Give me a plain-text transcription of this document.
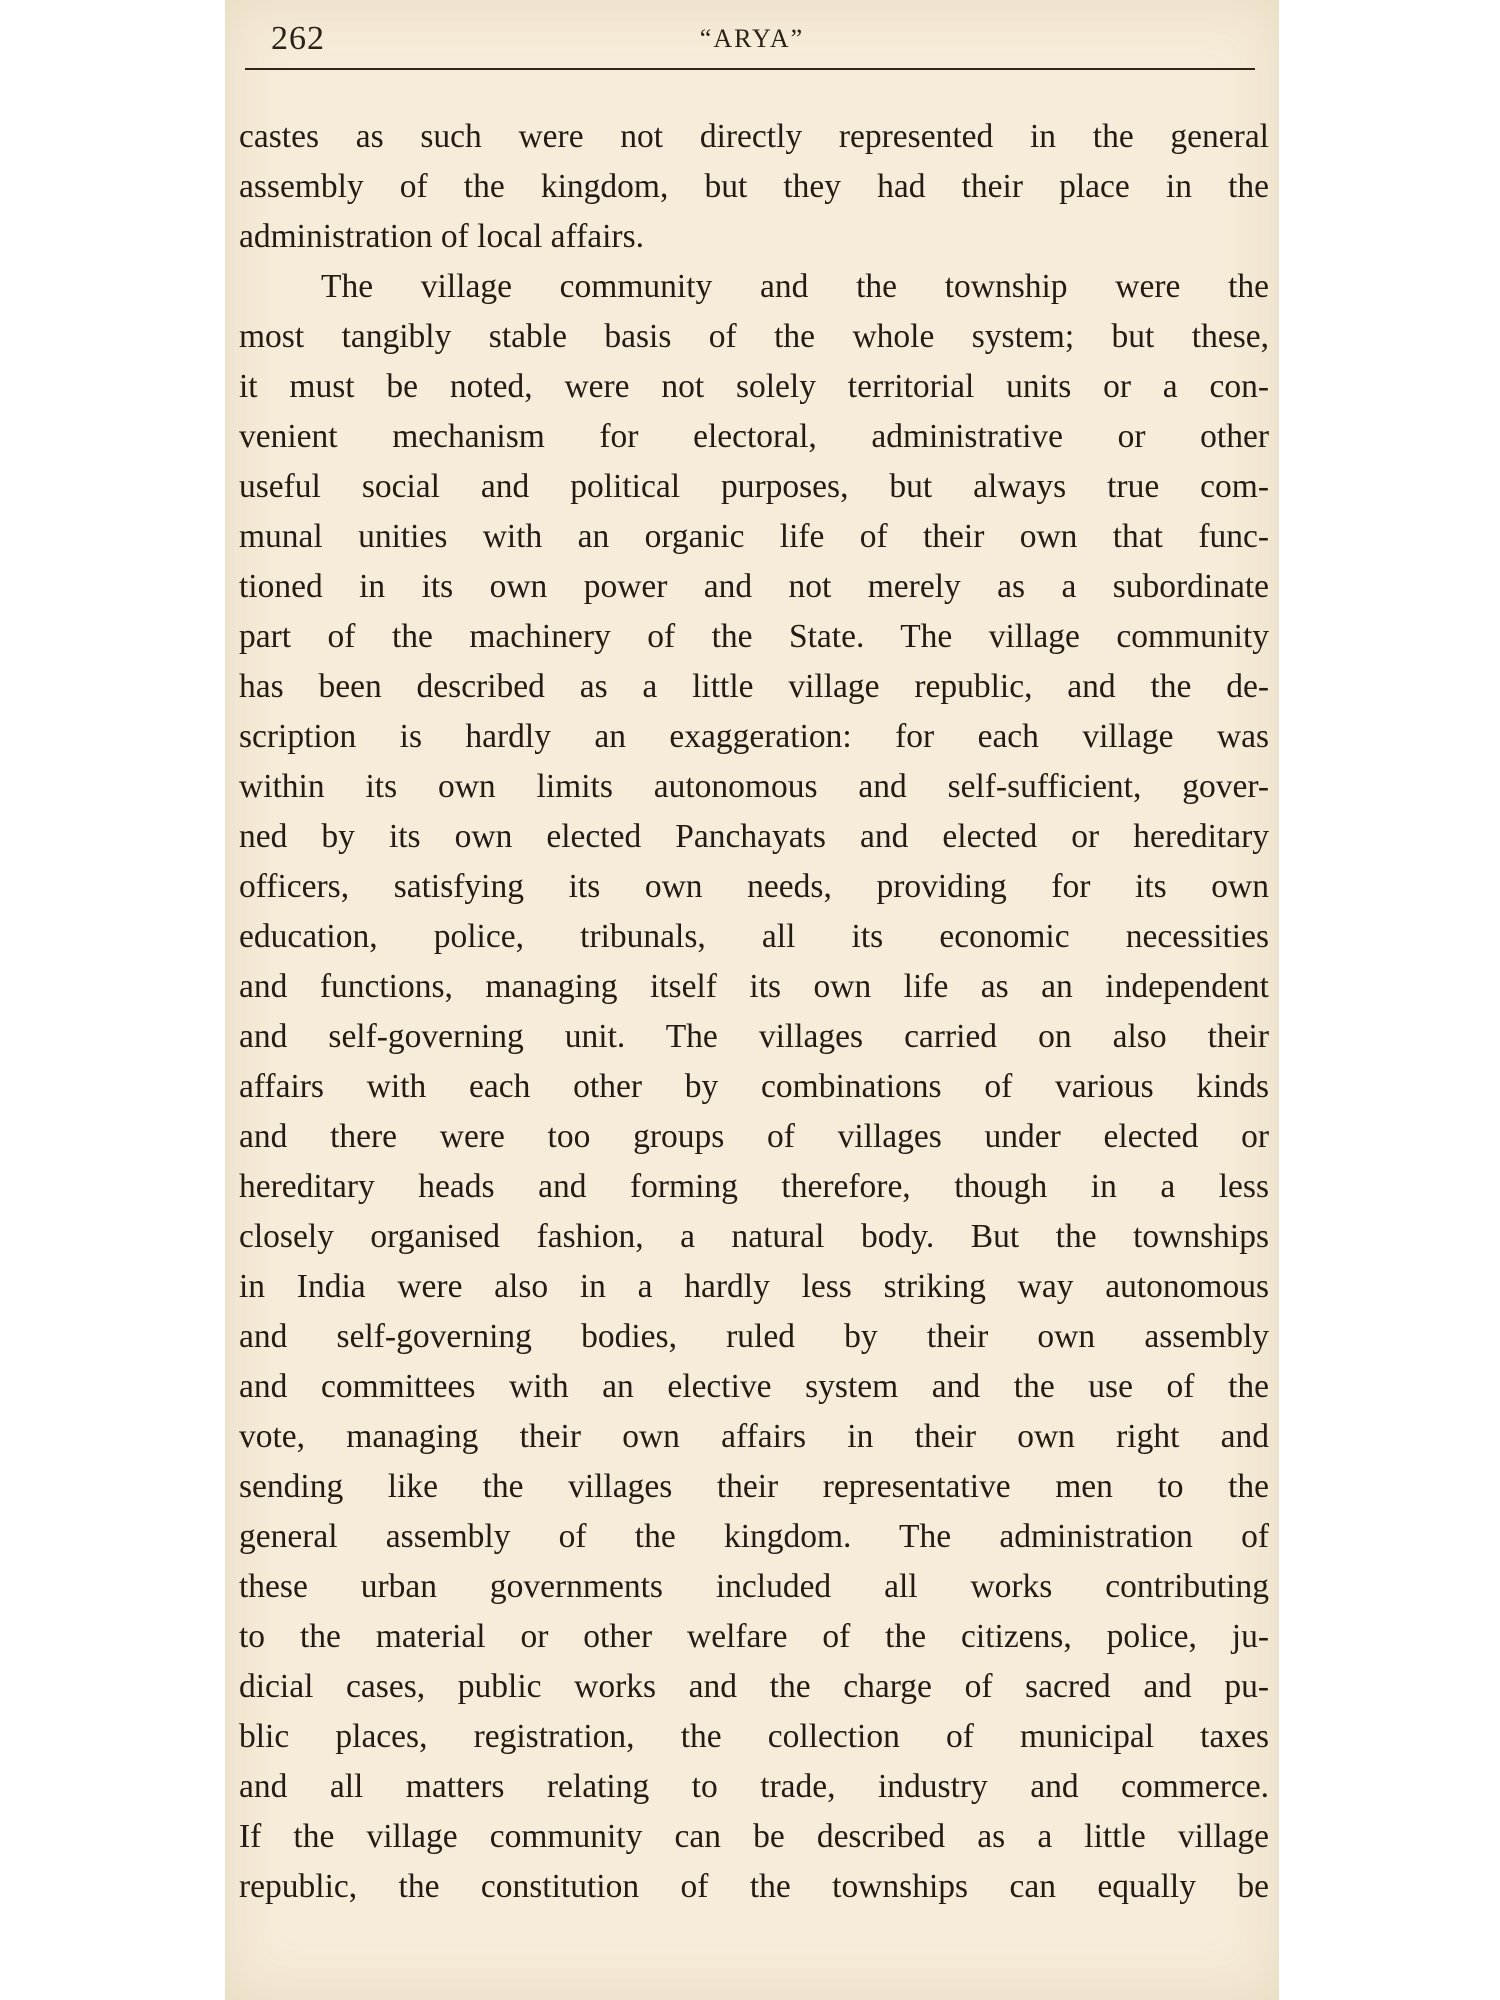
262	“ARYA”
castes as such were not directly represented in the general
assembly of the kingdom, but they had their place in the
administration of local affairs.
The village community and the township were the
most tangibly stable basis of the whole system; but these,
it must be noted, were not solely territorial units or a con-
venient mechanism for electoral, administrative or other
useful social and political purposes, but always true com-
munal unities with an organic life of their own that func-
tioned in its own power and not merely as a subordinate
part of the machinery of the State. The village community
has been described as a little village republic, and the de-
scription is hardly an exaggeration: for each village was
within its own limits autonomous and self-sufficient, gover-
ned by its own elected Panchayats and elected or hereditary
officers, satisfying its own needs, providing for its own
education, police, tribunals, all its economic necessities
and functions, managing itself its own life as an independent
and self-governing unit. The villages carried on also their
affairs with each other by combinations of various kinds
and there were too groups of villages under elected or
hereditary heads and forming therefore, though in a less
closely organised fashion, a natural body. But the townships
in India were also in a hardly less striking way autonomous
and self-governing bodies, ruled by their own assembly
and committees with an elective system and the use of the
vote, managing their own affairs in their own right and
sending like the villages their representative men to the
general assembly of the kingdom. The administration of
these urban governments included all works contributing
to the material or other welfare of the citizens, police, ju-
dicial cases, public works and the charge of sacred and pu-
blic places, registration, the collection of municipal taxes
and all matters relating to trade, industry and commerce.
If the village community can be described as a little village
republic, the constitution of the townships can equally be
